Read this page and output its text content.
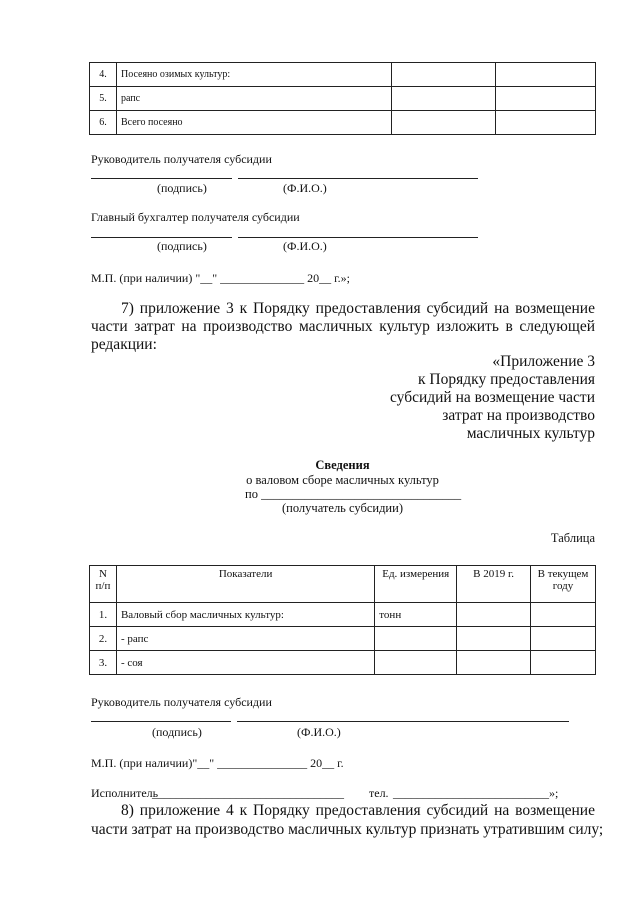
4.	Посеяно озимых культур:		
5.	рапс		
6.	Всего посеяно		
Руководитель получателя субсидии
(подпись)	(Ф.И.О.)
Главный бухгалтер получателя субсидии
(подпись)	(Ф.И.О.)
М.П. (при наличии) "__" ______________ 20__ г.»;
7) приложение 3 к Порядку предоставления субсидий на возмещение
части затрат на производство масличных культур изложить в следующей
редакции:
«Приложение 3
к Порядку предоставления
субсидий на возмещение части
затрат на производство
масличных культур
Сведения
о валовом сборе масличных культур
по ________________________________
(получатель субсидии)
Таблица
N п/п	Показатели	Ед. измерения	В 2019 г.	В текущем году
1.	Валовый сбор масличных культур:	тонн		
2.	- рапс			
3.	- соя			
Руководитель получателя субсидии
(подпись)	(Ф.И.О.)
М.П. (при наличии)"__" _______________ 20__ г.
Исполнитель
________________________________ тел. __________________________»;
8) приложение 4 к Порядку предоставления субсидий на возмещение
части затрат на производство масличных культур признать утратившим силу;
